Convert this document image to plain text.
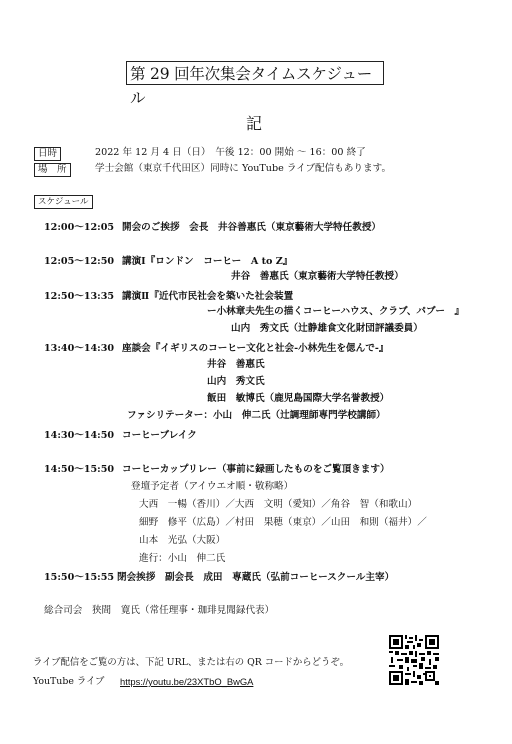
第 29 回年次集会タイムスケジュール
記
日時	2022 年 12 月 4 日（日）　午後 12：00 開始 ～ 16：00 終了
場　所	学士会館（東京千代田区）同時に YouTube ライブ配信もあります。
スケジュール
12:00～12:05 開会のご挨拶　会長　井谷善惠氏（東京藝術大学特任教授）
12:05～12:50 講演Ⅰ『ロンドン　コーヒー　A to Z』
井谷　善惠氏（東京藝術大学特任教授）
12:50～13:35 講演Ⅱ『近代市民社会を築いた社会装置
ー小林章夫先生の描くコーヒーハウス、クラブ、パブー　』
山内　秀文氏（辻静雄食文化財団評議委員）
13:40～14:30 座談会『イギリスのコーヒー文化と社会‐小林先生を偲んで‐』
井谷　善惠氏
山内　秀文氏
飯田　敏博氏（鹿児島国際大学名誉教授）
ファシリテーター：小山　伸二氏（辻調理師専門学校講師）
14:30～14:50 コーヒーブレイク
14:50～15:50 コーヒーカップリレー（事前に録画したものをご覧頂きます）
登壇予定者（アイウエオ順・敬称略）
大西　一暢（香川）／大西　文明（愛知）／角谷　智（和歌山）
細野　修平（広島）／村田　果穂（東京）／山田　和則（福井）／
山本　光弘（大阪）
進行：小山　伸二氏
15:50～15:55 閉会挨拶　副会長　成田　専蔵氏（弘前コーヒースクール主宰）
総合司会　狭間　寛氏（常任理事・珈琲見聞録代表）
ライブ配信をご覧の方は、下記 URL、または右の QR コードからどうぞ。
YouTube ライブ https://youtu.be/23XTbO_BwGA
